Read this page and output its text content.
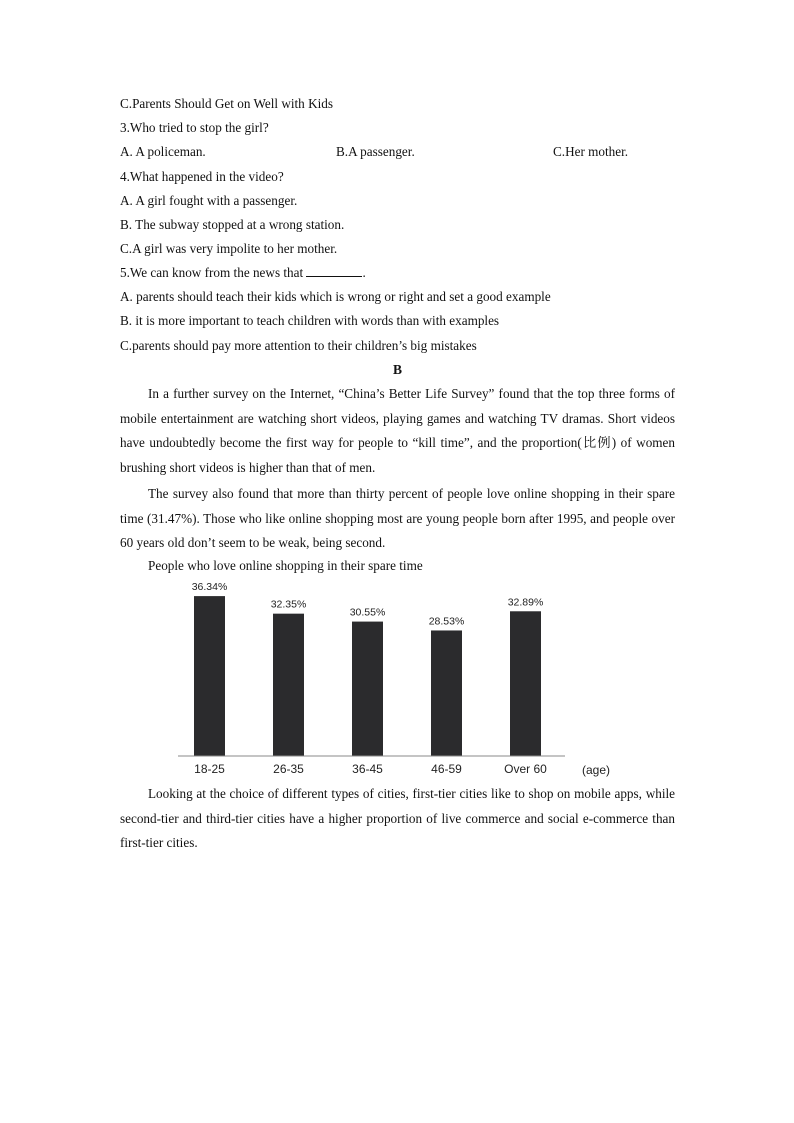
C.Parents Should Get on Well with Kids
3.Who tried to stop the girl?
A. A policeman.	B.A passenger.	C.Her mother.
4.What happened in the video?
A. A girl fought with a passenger.
B. The subway stopped at a wrong station.
C.A girl was very impolite to her mother.
5.We can know from the news that	.
A. parents should teach their kids which is wrong or right and set a good example
B. it is more important to teach children with words than with examples
C.parents should pay more attention to their children’s big mistakes
B
In a further survey on the Internet, “China’s Better Life Survey” found that the top three forms of mobile entertainment are watching short videos, playing games and watching TV dramas. Short videos have undoubtedly become the first way for people to “kill time”, and the proportion(比例) of women brushing short videos is higher than that of men.
The survey also found that more than thirty percent of people love online shopping in their spare time (31.47%). Those who like online shopping most are young people born after 1995, and people over 60 years old don’t seem to be weak, being second.
People who love online shopping in their spare time
36.34%
32.35%
30.55%
28.53%
32.89%
18-25	26-35	36-45	46-59	Over 60	(age)
Looking at the choice of different types of cities, first-tier cities like to shop on mobile apps, while second-tier and third-tier cities have a higher proportion of live commerce and social e-commerce than first-tier cities.
